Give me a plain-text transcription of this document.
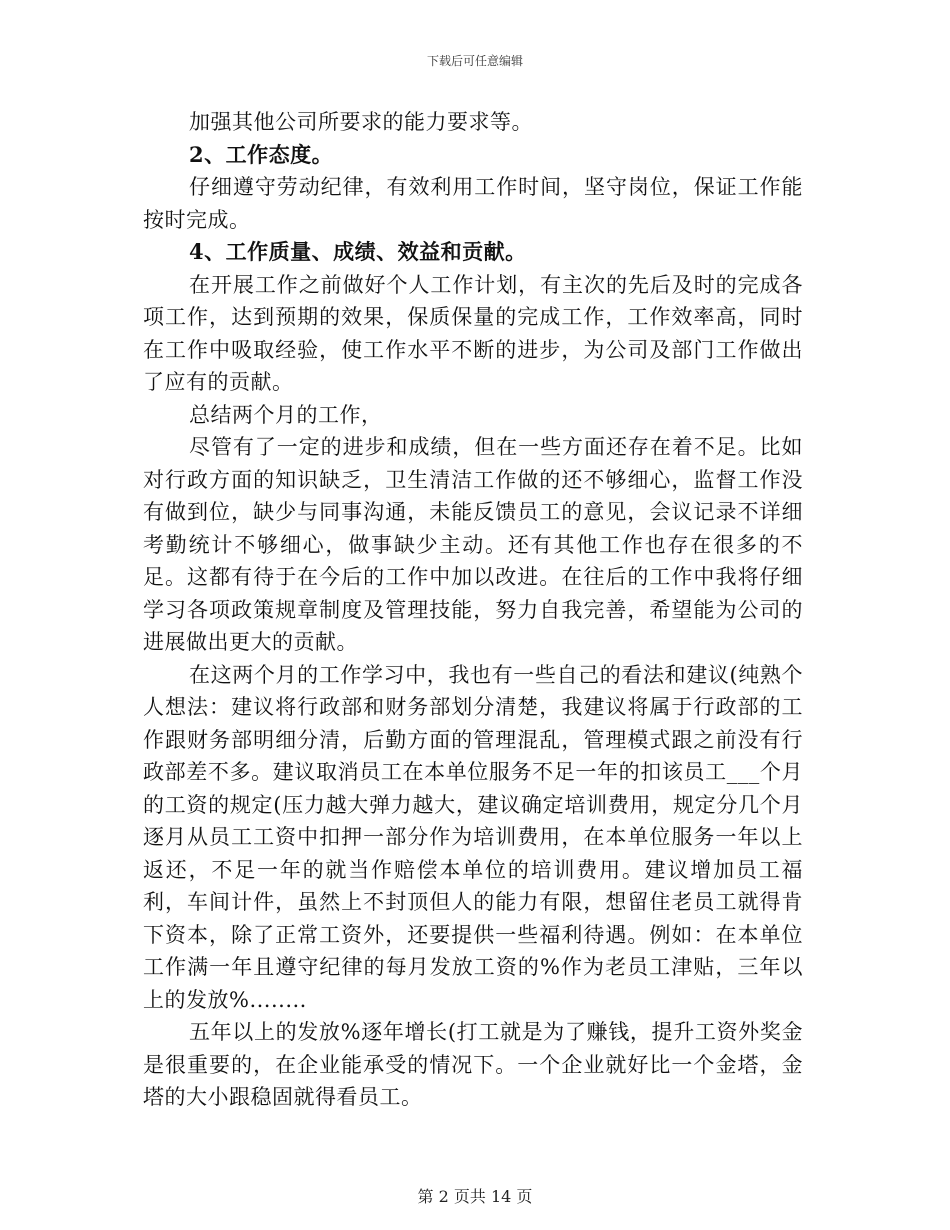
下载后可任意编辑

加强其他公司所要求的能力要求等。

2、工作态度。

仔细遵守劳动纪律，有效利用工作时间，坚守岗位，保证工作能按时完成。

4、工作质量、成绩、效益和贡献。

在开展工作之前做好个人工作计划，有主次的先后及时的完成各项工作，达到预期的效果，保质保量的完成工作，工作效率高，同时在工作中吸取经验，使工作水平不断的进步，为公司及部门工作做出了应有的贡献。

总结两个月的工作，

尽管有了一定的进步和成绩，但在一些方面还存在着不足。比如对行政方面的知识缺乏，卫生清洁工作做的还不够细心，监督工作没有做到位，缺少与同事沟通，未能反馈员工的意见，会议记录不详细考勤统计不够细心，做事缺少主动。还有其他工作也存在很多的不足。这都有待于在今后的工作中加以改进。在往后的工作中我将仔细学习各项政策规章制度及管理技能，努力自我完善，希望能为公司的进展做出更大的贡献。

在这两个月的工作学习中，我也有一些自己的看法和建议(纯熟个人想法：建议将行政部和财务部划分清楚，我建议将属于行政部的工作跟财务部明细分清，后勤方面的管理混乱，管理模式跟之前没有行政部差不多。建议取消员工在本单位服务不足一年的扣该员工___个月的工资的规定(压力越大弹力越大，建议确定培训费用，规定分几个月逐月从员工工资中扣押一部分作为培训费用，在本单位服务一年以上返还，不足一年的就当作赔偿本单位的培训费用。建议增加员工福利，车间计件，虽然上不封顶但人的能力有限，想留住老员工就得肯下资本，除了正常工资外，还要提供一些福利待遇。例如：在本单位工作满一年且遵守纪律的每月发放工资的%作为老员工津贴，三年以上的发放%........

五年以上的发放%逐年增长(打工就是为了赚钱，提升工资外奖金是很重要的，在企业能承受的情况下。一个企业就好比一个金塔，金塔的大小跟稳固就得看员工。

第 2 页共 14 页
